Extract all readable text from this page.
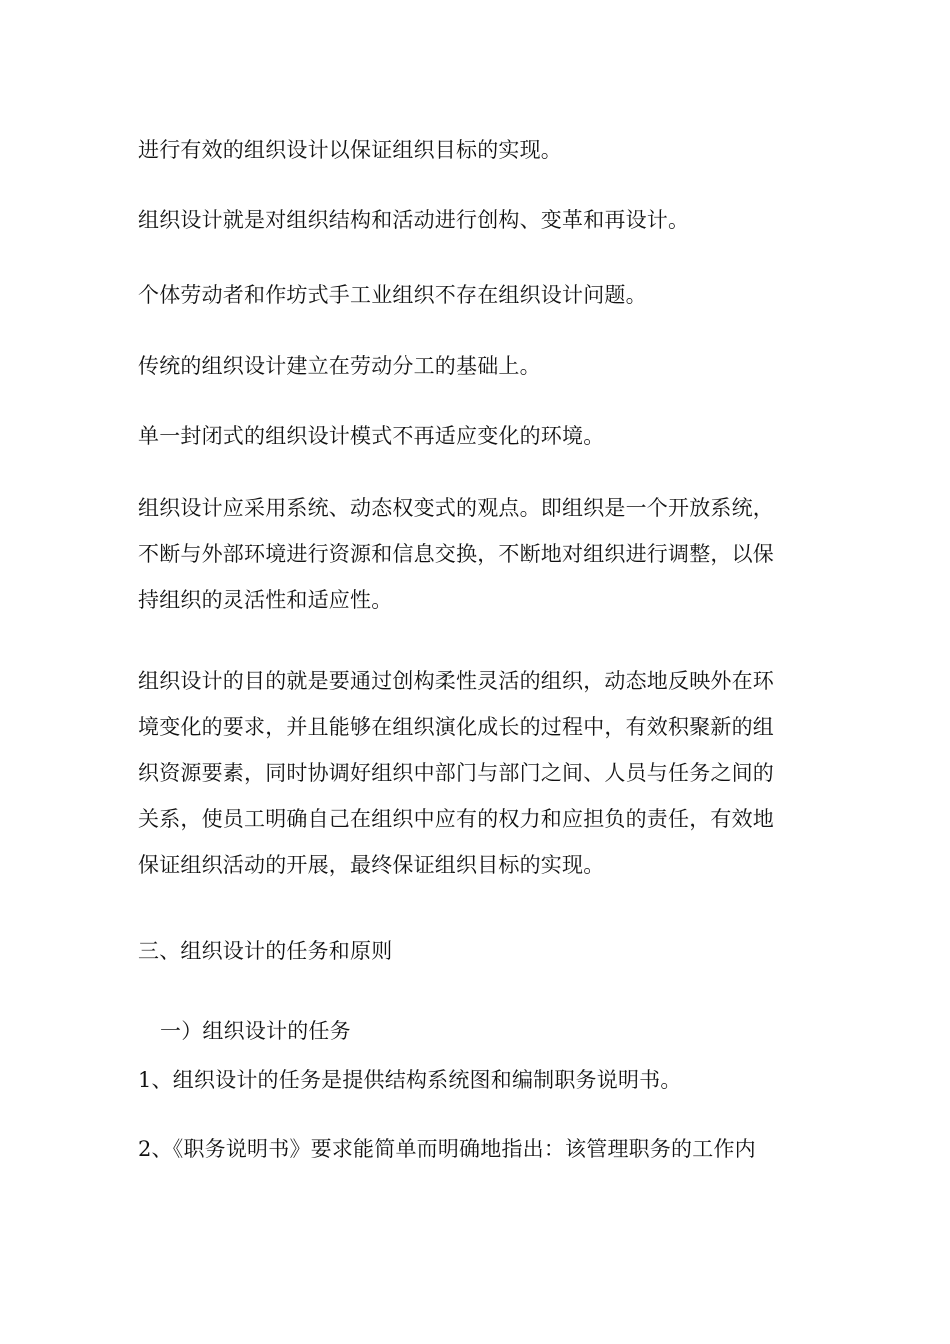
进行有效的组织设计以保证组织目标的实现。
组织设计就是对组织结构和活动进行创构、变革和再设计。
个体劳动者和作坊式手工业组织不存在组织设计问题。
传统的组织设计建立在劳动分工的基础上。
单一封闭式的组织设计模式不再适应变化的环境。
组织设计应采用系统、动态权变式的观点。即组织是一个开放系统，
不断与外部环境进行资源和信息交换，不断地对组织进行调整，以保
持组织的灵活性和适应性。
组织设计的目的就是要通过创构柔性灵活的组织，动态地反映外在环
境变化的要求，并且能够在组织演化成长的过程中，有效积聚新的组
织资源要素，同时协调好组织中部门与部门之间、人员与任务之间的
关系，使员工明确自己在组织中应有的权力和应担负的责任，有效地
保证组织活动的开展，最终保证组织目标的实现。
三、组织设计的任务和原则
一）组织设计的任务
1、组织设计的任务是提供结构系统图和编制职务说明书。
2、《职务说明书》要求能简单而明确地指出：该管理职务的工作内
